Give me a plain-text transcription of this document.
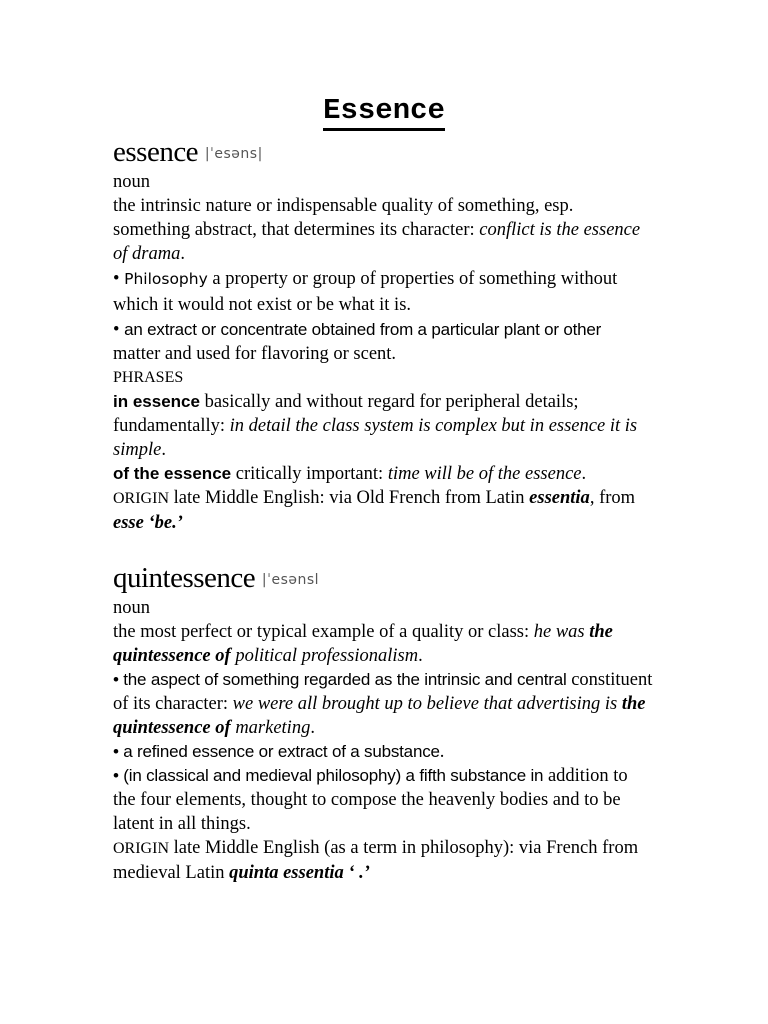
Essence
essence |ˈesəns|

noun

the intrinsic nature or indispensable quality of something, esp. something abstract, that determines its character: conflict is the essence of drama.

• Philosophy a property or group of properties of something without which it would not exist or be what it is.

• an extract or concentrate obtained from a particular plant or other matter and used for flavoring or scent.

PHRASES

in essence basically and without regard for peripheral details; fundamentally: in detail the class system is complex but in essence it is simple.

of the essence critically important: time will be of the essence.

ORIGIN late Middle English: via Old French from Latin essentia, from esse ‘be.’

quintessence |ˈesənsl

noun

the most perfect or typical example of a quality or class: he was the quintessence of political professionalism.

• the aspect of something regarded as the intrinsic and central constituent of its character: we were all brought up to believe that advertising is the quintessence of marketing.

• a refined essence or extract of a substance.

• (in classical and medieval philosophy) a fifth substance in addition to the four elements, thought to compose the heavenly bodies and to be latent in all things.

ORIGIN late Middle English (as a term in philosophy): via French from medieval Latin quinta essentia ‘ .’
